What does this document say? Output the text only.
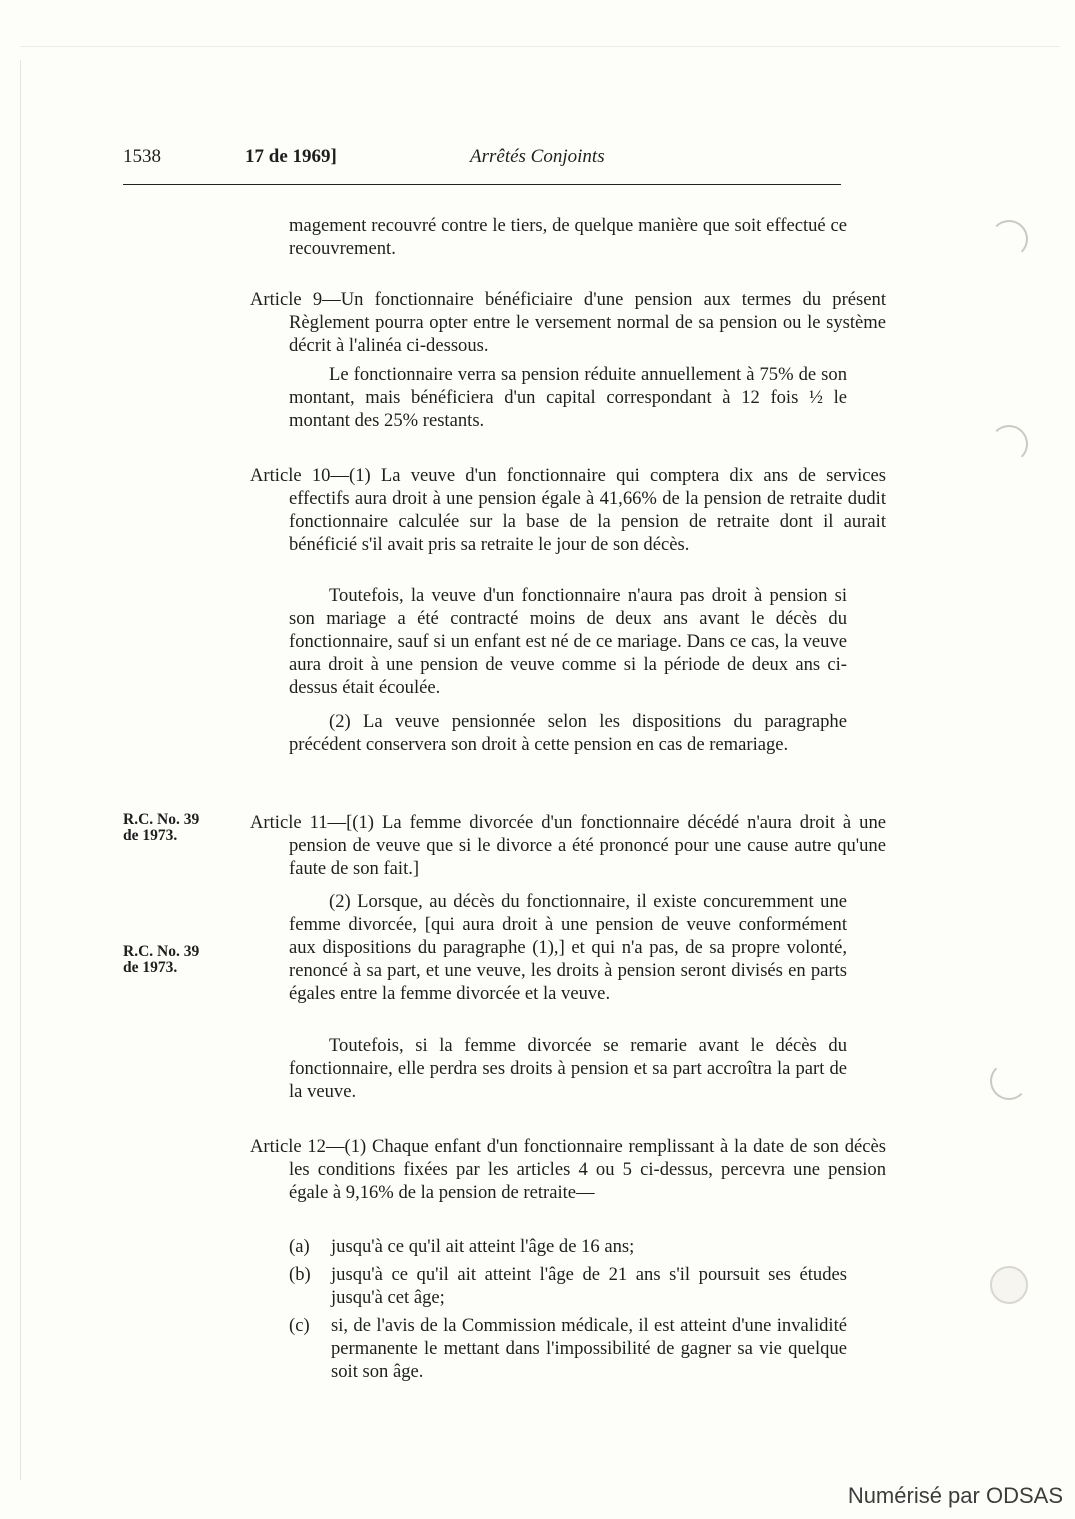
1538	17 de 1969]	Arrêtés Conjoints

magement recouvré contre le tiers, de quelque manière que soit effectué ce recouvrement.

Article 9—Un fonctionnaire bénéficiaire d'une pension aux termes du présent Règlement pourra opter entre le versement normal de sa pension ou le système décrit à l'alinéa ci-dessous.

Le fonctionnaire verra sa pension réduite annuellement à 75% de son montant, mais bénéficiera d'un capital correspondant à 12 fois ½ le montant des 25% restants.

Article 10—(1) La veuve d'un fonctionnaire qui comptera dix ans de services effectifs aura droit à une pension égale à 41,66% de la pension de retraite dudit fonctionnaire calculée sur la base de la pension de retraite dont il aurait bénéficié s'il avait pris sa retraite le jour de son décès.

Toutefois, la veuve d'un fonctionnaire n'aura pas droit à pension si son mariage a été contracté moins de deux ans avant le décès du fonctionnaire, sauf si un enfant est né de ce mariage. Dans ce cas, la veuve aura droit à une pension de veuve comme si la période de deux ans ci-dessus était écoulée.

(2) La veuve pensionnée selon les dispositions du paragraphe précédent conservera son droit à cette pension en cas de remariage.

R.C. No. 39
de 1973.

Article 11—[(1) La femme divorcée d'un fonctionnaire décédé n'aura droit à une pension de veuve que si le divorce a été prononcé pour une cause autre qu'une faute de son fait.]

R.C. No. 39
de 1973.

(2) Lorsque, au décès du fonctionnaire, il existe concuremment une femme divorcée, [qui aura droit à une pension de veuve conformément aux dispositions du paragraphe (1),] et qui n'a pas, de sa propre volonté, renoncé à sa part, et une veuve, les droits à pension seront divisés en parts égales entre la femme divorcée et la veuve.

Toutefois, si la femme divorcée se remarie avant le décès du fonctionnaire, elle perdra ses droits à pension et sa part accroîtra la part de la veuve.

Article 12—(1) Chaque enfant d'un fonctionnaire remplissant à la date de son décès les conditions fixées par les articles 4 ou 5 ci-dessus, percevra une pension égale à 9,16% de la pension de retraite—

(a) jusqu'à ce qu'il ait atteint l'âge de 16 ans;
(b) jusqu'à ce qu'il ait atteint l'âge de 21 ans s'il poursuit ses études jusqu'à cet âge;
(c) si, de l'avis de la Commission médicale, il est atteint d'une invalidité permanente le mettant dans l'impossibilité de gagner sa vie quelque soit son âge.
Numérisé par ODSAS
